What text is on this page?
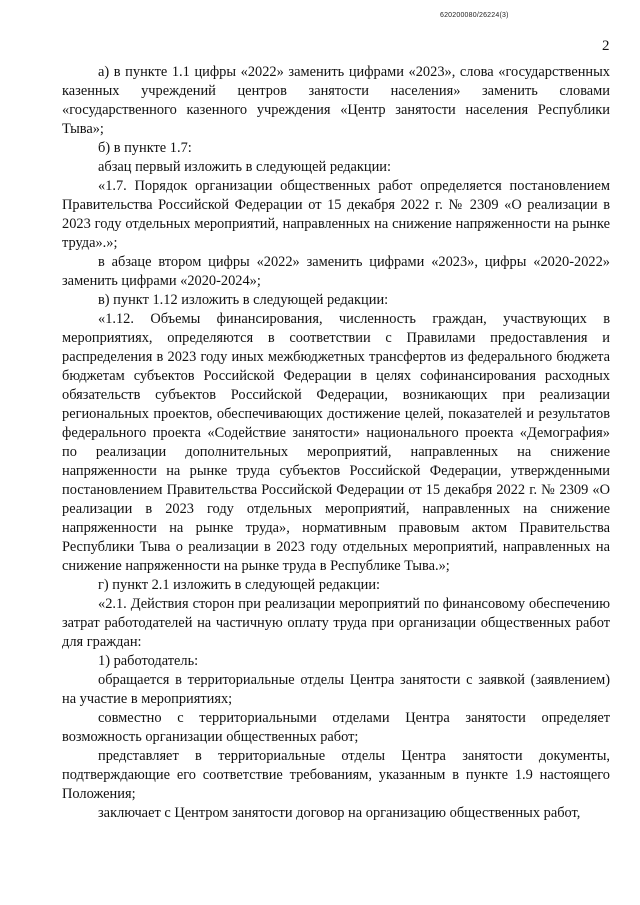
620200080/26224(3)
2

а) в пункте 1.1 цифры «2022» заменить цифрами «2023», слова «государственных казенных учреждений центров занятости населения» заменить словами «государственного казенного учреждения «Центр занятости населения Республики Тыва»;

б) в пункте 1.7:

абзац первый изложить в следующей редакции:

«1.7. Порядок организации общественных работ определяется постановлением Правительства Российской Федерации от 15 декабря 2022 г. № 2309 «О реализации в 2023 году отдельных мероприятий, направленных на снижение напряженности на рынке труда».»;

в абзаце втором цифры «2022» заменить цифрами «2023», цифры «2020-2022» заменить цифрами «2020-2024»;

в) пункт 1.12 изложить в следующей редакции:

«1.12. Объемы финансирования, численность граждан, участвующих в мероприятиях, определяются в соответствии с Правилами предоставления и распределения в 2023 году иных межбюджетных трансфертов из федерального бюджета бюджетам субъектов Российской Федерации в целях софинансирования расходных обязательств субъектов Российской Федерации, возникающих при реализации региональных проектов, обеспечивающих достижение целей, показателей и результатов федерального проекта «Содействие занятости» национального проекта «Демография» по реализации дополнительных мероприятий, направленных на снижение напряженности на рынке труда субъектов Российской Федерации, утвержденными постановлением Правительства Российской Федерации от 15 декабря 2022 г. № 2309 «О реализации в 2023 году отдельных мероприятий, направленных на снижение напряженности на рынке труда», нормативным правовым актом Правительства Республики Тыва о реализации в 2023 году отдельных мероприятий, направленных на снижение напряженности на рынке труда в Республике Тыва.»;

г) пункт 2.1 изложить в следующей редакции:

«2.1. Действия сторон при реализации мероприятий по финансовому обеспечению затрат работодателей на частичную оплату труда при организации общественных работ для граждан:

1) работодатель:

обращается в территориальные отделы Центра занятости с заявкой (заявлением) на участие в мероприятиях;

совместно с территориальными отделами Центра занятости определяет возможность организации общественных работ;

представляет в территориальные отделы Центра занятости документы, подтверждающие его соответствие требованиям, указанным в пункте 1.9 настоящего Положения;

заключает с Центром занятости договор на организацию общественных работ,
